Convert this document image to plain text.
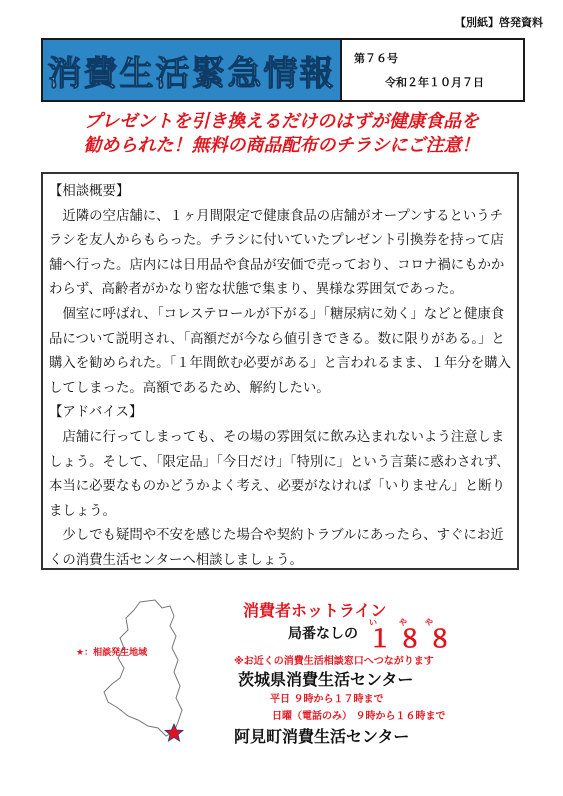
【別紙】啓発資料
消費生活緊急情報 第７６号
令和２年１０月７日
プレゼントを引き換えるだけのはずが健康食品を
勧められた！無料の商品配布のチラシにご注意！

【相談概要】

近隣の空店舗に、１ヶ月間限定で健康食品の店舗がオープンするというチラシを友人からもらった。チラシに付いていたプレゼント引換券を持って店舗へ行った。店内には日用品や食品が安価で売っており、コロナ禍にもかかわらず、高齢者がかなり密な状態で集まり、異様な雰囲気であった。

個室に呼ばれ、「コレステロールが下がる」「糖尿病に効く」などと健康食品について説明され、「高額だが今なら値引きできる。数に限りがある。」と購入を勧められた。「１年間飲む必要がある」と言われるまま、１年分を購入してしまった。高額であるため、解約したい。

【アドバイス】

店舗に行ってしまっても、その場の雰囲気に飲み込まれないよう注意しましょう。そして、「限定品」「今日だけ」「特別に」という言葉に惑わされず、本当に必要なものかどうかよく考え、必要がなければ「いりません」と断りましょう。

少しでも疑問や不安を感じた場合や契約トラブルにあったら、すぐにお近くの消費生活センターへ相談しましょう。

★：相談発生地域
消費者ホットライン
い	や や
局番なしの １８８
※お近くの消費生活相談窓口へつながります
茨城県消費生活センター
平日 ９時から１７時まで
日曜（電話のみ） ９時から１６時まで
阿見町消費生活センター
